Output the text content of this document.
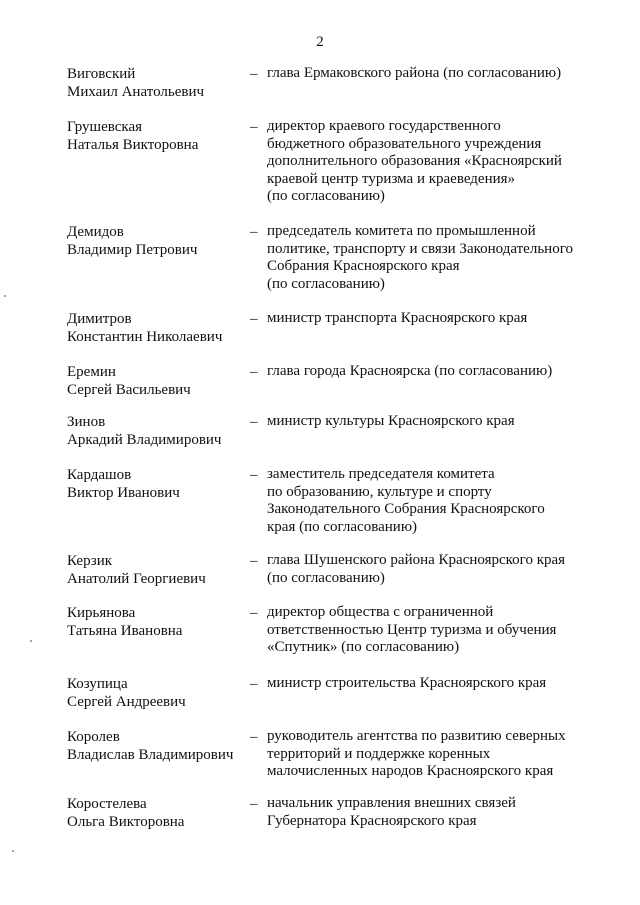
2
Виговский
Михаил Анатольевич
– глава Ермаковского района (по согласованию)
Грушевская
Наталья Викторовна
– директор краевого государственного
бюджетного образовательного учреждения
дополнительного образования «Красноярский
краевой центр туризма и краеведения»
(по согласованию)
Демидов
Владимир Петрович
– председатель комитета по промышленной
политике, транспорту и связи Законодательного
Собрания Красноярского края
(по согласованию)
Димитров
Константин Николаевич
– министр транспорта Красноярского края
Еремин
Сергей Васильевич
– глава города Красноярска (по согласованию)
Зинов
Аркадий Владимирович
– министр культуры Красноярского края
Кардашов
Виктор Иванович
– заместитель председателя комитета
по образованию, культуре и спорту
Законодательного Собрания Красноярского
края (по согласованию)
Керзик
Анатолий Георгиевич
– глава Шушенского района Красноярского края
(по согласованию)
Кирьянова
Татьяна Ивановна
– директор общества с ограниченной
ответственностью Центр туризма и обучения
«Спутник» (по согласованию)
Козупица
Сергей Андреевич
– министр строительства Красноярского края
Королев
Владислав Владимирович
– руководитель агентства по развитию северных
территорий и поддержке коренных
малочисленных народов Красноярского края
Коростелева
Ольга Викторовна
– начальник управления внешних связей
Губернатора Красноярского края
